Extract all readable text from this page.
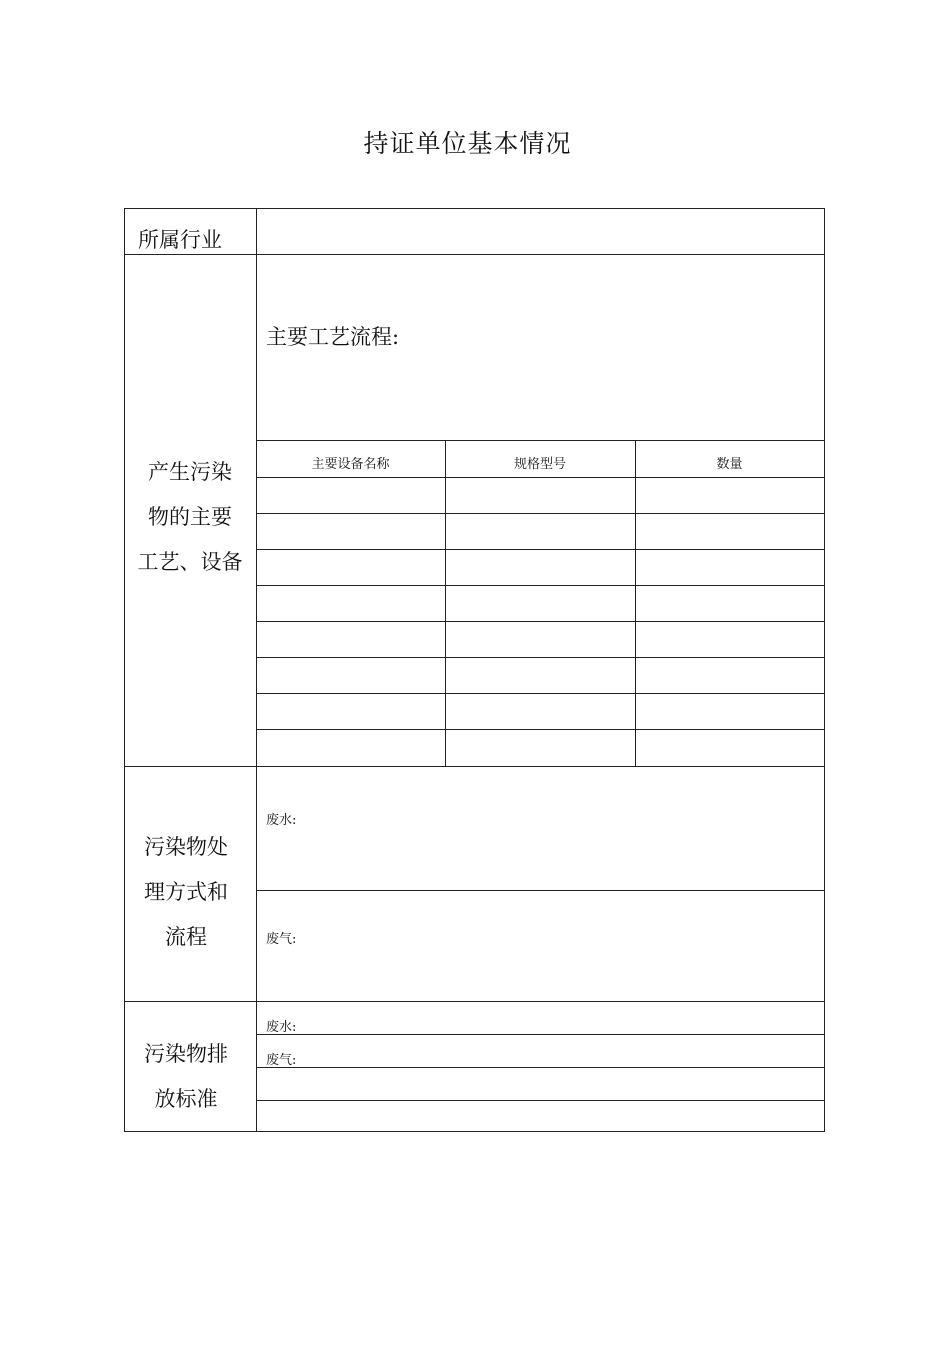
持证单位基本情况
所属行业
产生污染
物的主要
工艺、设备
主要工艺流程:
主要设备名称	规格型号	数量
污染物处
理方式和
流程
废水:
废气:
污染物排
放标准
废水:
废气:
